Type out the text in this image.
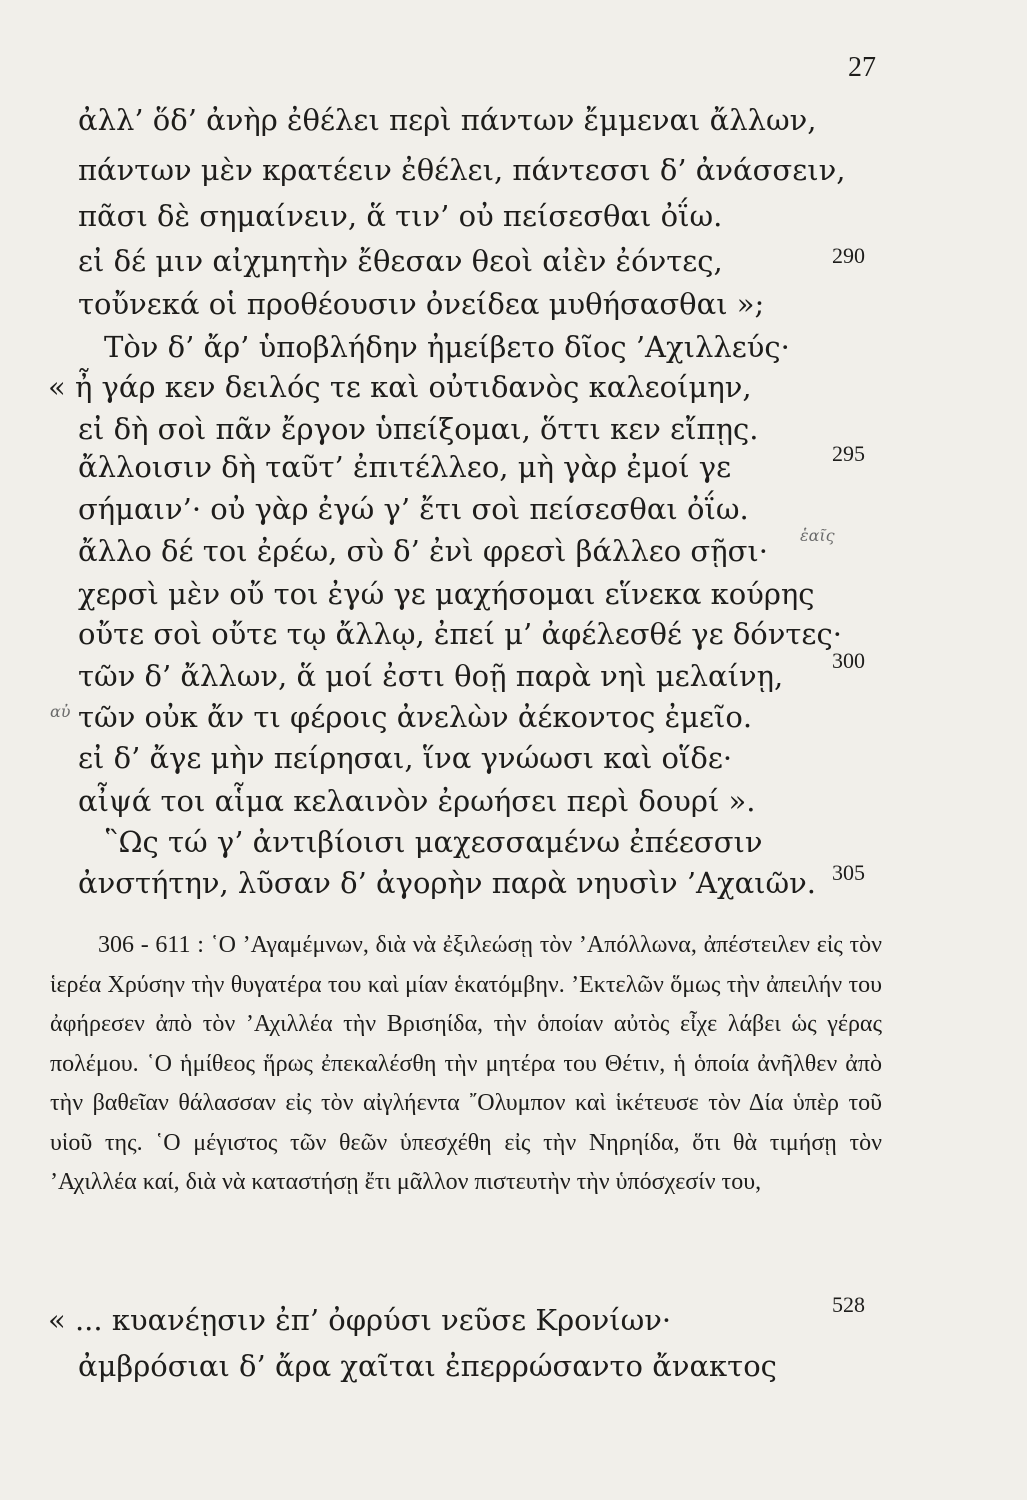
27
ἀλλ’ ὅδ’ ἀνὴρ ἐθέλει περὶ πάντων ἔμμεναι ἄλλων,
πάντων μὲν κρατέειν ἐθέλει, πάντεσσι δ’ ἀνάσσειν,
πᾶσι δὲ σημαίνειν, ἅ τιν’ οὐ πείσεσθαι ὀΐω.
εἰ δέ μιν αἰχμητὴν ἔθεσαν θεοὶ αἰὲν ἐόντες,	290
τοὔνεκά οἱ προθέουσιν ὀνείδεα μυθήσασθαι »;
Τὸν δ’ ἄρ’ ὑποβλήδην ἠμείβετο δῖος ’Αχιλλεύς·
« ἦ γάρ κεν δειλός τε καὶ οὐτιδανὸς καλεοίμην,
εἰ δὴ σοὶ πᾶν ἔργον ὑπείξομαι, ὅττι κεν εἴπῃς.
ἄλλοισιν δὴ ταῦτ’ ἐπιτέλλεο, μὴ γὰρ ἐμοί γε	295
σήμαιν’· οὐ γὰρ ἐγώ γ’ ἔτι σοὶ πείσεσθαι ὀΐω.
ἄλλο δέ τοι ἐρέω, σὺ δ’ ἐνὶ φρεσὶ βάλλεο σῇσι·
χερσὶ μὲν οὔ τοι ἐγώ γε μαχήσομαι εἵνεκα κούρης
οὔτε σοὶ οὔτε τῳ ἄλλῳ, ἐπεί μ’ ἀφέλεσθέ γε δόντες·
τῶν δ’ ἄλλων, ἅ μοί ἐστι θοῇ παρὰ νηὶ μελαίνῃ, 300
τῶν οὐκ ἄν τι φέροις ἀνελὼν ἀέκοντος ἐμεῖο.
εἰ δ’ ἄγε μὴν πείρησαι, ἵνα γνώωσι καὶ οἵδε·
αἶψά τοι αἷμα κελαινὸν ἐρωήσει περὶ δουρί ».
῝Ως τώ γ’ ἀντιβίοισι μαχεσσαμένω ἐπέεσσιν
ἀνστήτην, λῦσαν δ’ ἀγορὴν παρὰ νηυσὶν ’Αχαιῶν. 305
ἑαῖς
αὐ

306 - 611 : ῾Ο ’Αγαμέμνων, διὰ νὰ ἐξιλεώσῃ τὸν ’Απόλλωνα, ἀπέστειλεν εἰς τὸν ἱερέα Χρύσην τὴν θυγατέρα του καὶ μίαν ἑκατόμβην. ’Εκτελῶν ὅμως τὴν ἀπειλήν του ἀφήρεσεν ἀπὸ τὸν ’Αχιλλέα τὴν Βρισηίδα, τὴν ὁποίαν αὐτὸς εἶχε λάβει ὡς γέρας πολέμου. ῾Ο ἡμίθεος ἥρως ἐπεκαλέσθη τὴν μητέρα του Θέτιν, ἡ ὁποία ἀνῆλθεν ἀπὸ τὴν βαθεῖαν θάλασσαν εἰς τὸν αἰγλήεντα ῎Ολυμπον καὶ ἱκέτευσε τὸν Δία ὑπὲρ τοῦ υἱοῦ της. ῾Ο μέγιστος τῶν θεῶν ὑπεσχέθη εἰς τὴν Νηρηίδα, ὅτι θὰ τιμήσῃ τὸν ’Αχιλλέα καί, διὰ νὰ καταστήσῃ ἔτι μᾶλλον πιστευτὴν τὴν ὑπόσχεσίν του,

« ... κυανέῃσιν ἐπ’ ὀφρύσι νεῦσε Κρονίων·	528
ἀμβρόσιαι δ’ ἄρα χαῖται ἐπερρώσαντο ἄνακτος
